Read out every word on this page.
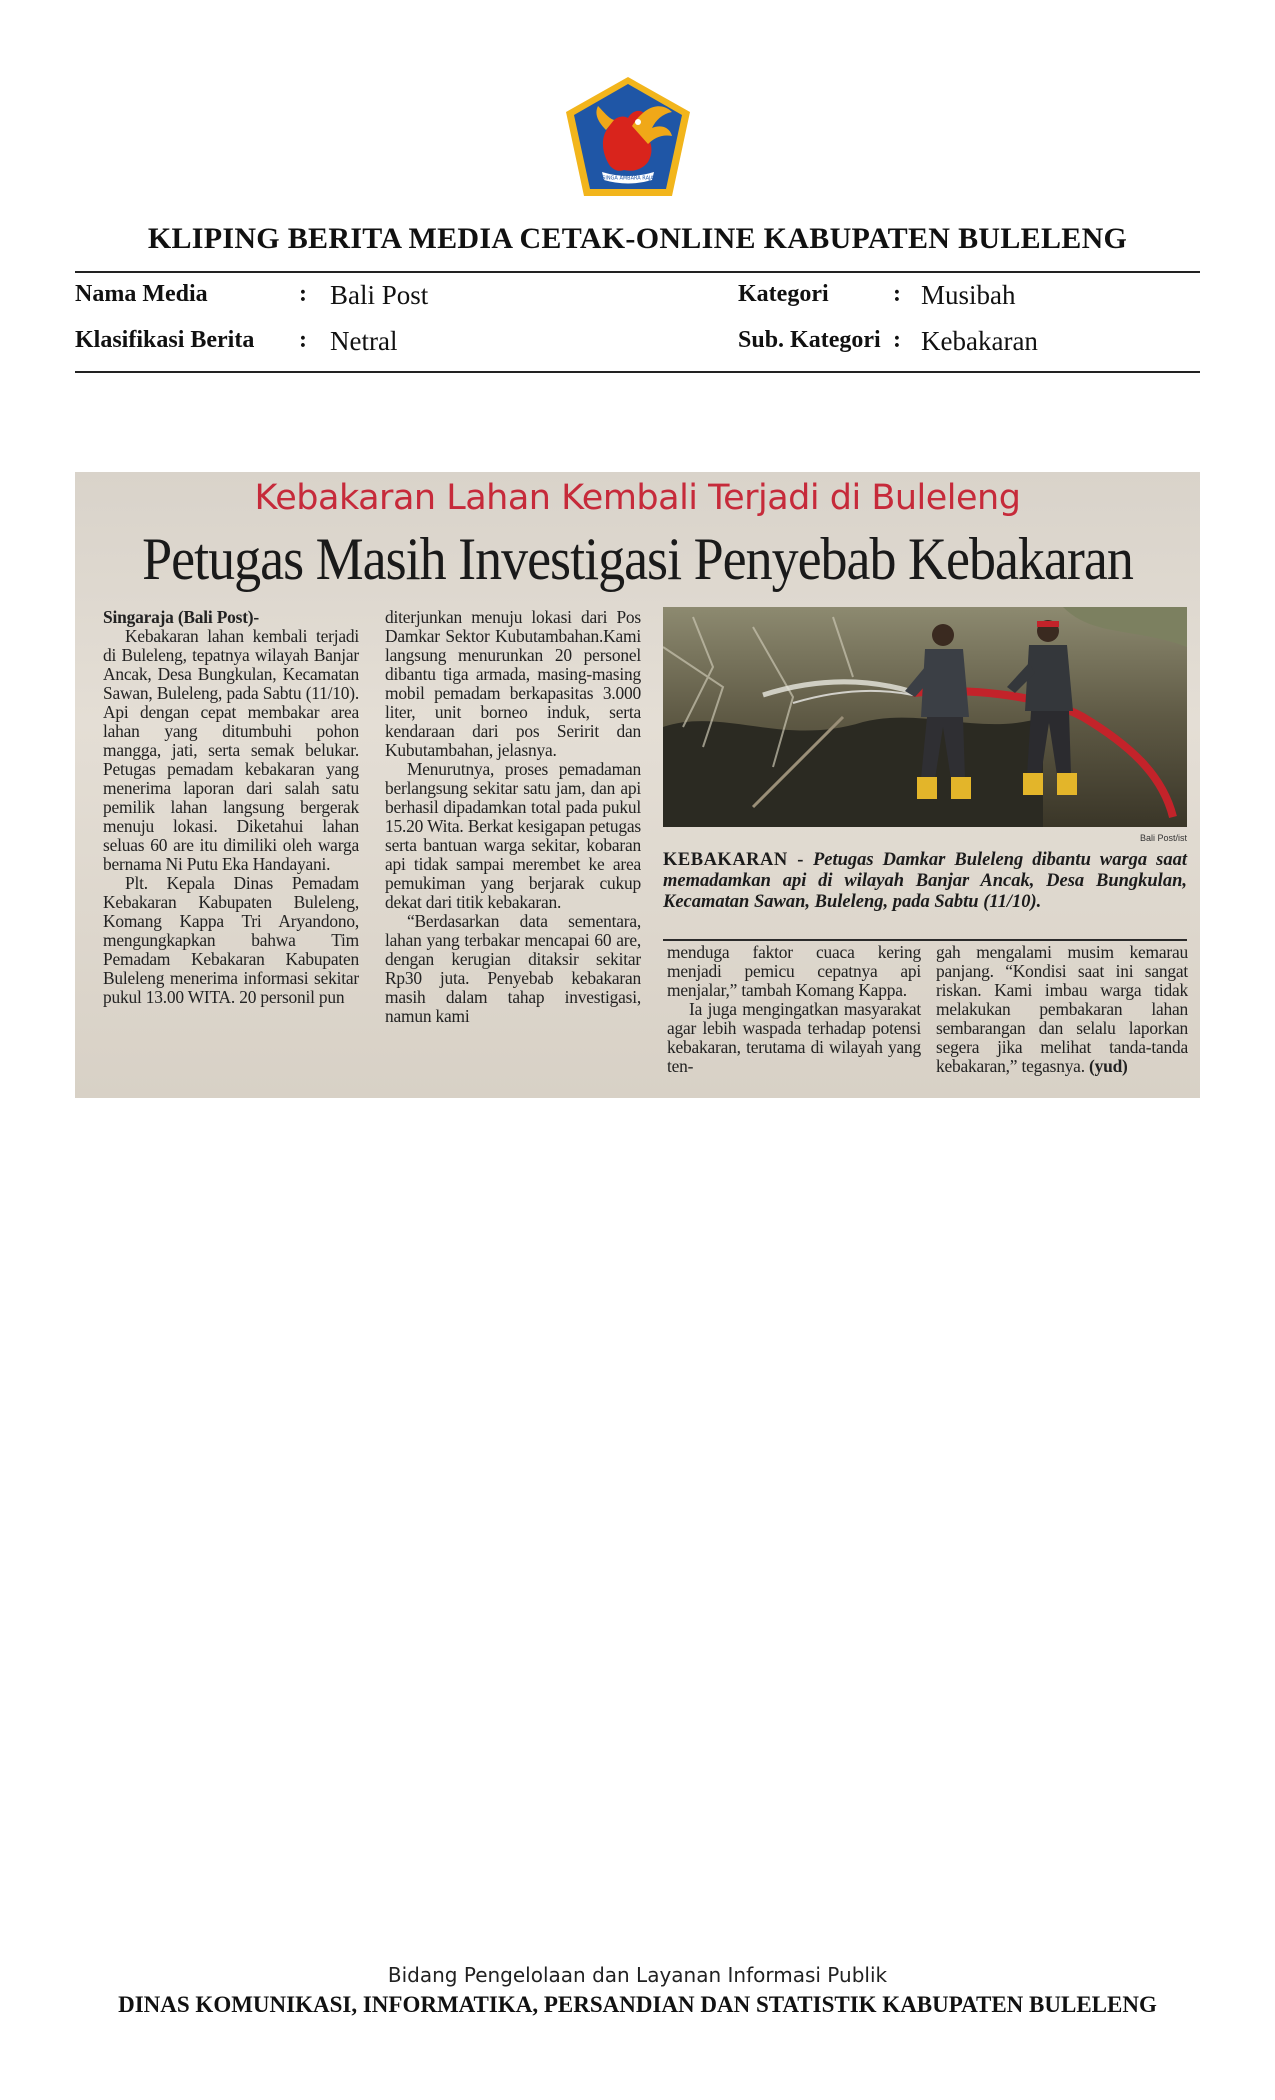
SINGA AMBARA RAJA
KLIPING BERITA MEDIA CETAK-ONLINE KABUPATEN BULELENG
Nama Media	: Bali Post	Kategori	: Musibah
Klasifikasi Berita : Netral	Sub. Kategori : Kebakaran
Kebakaran Lahan Kembali Terjadi di Buleleng
Petugas Masih Investigasi Penyebab Kebakaran
Singaraja (Bali Post)-

Kebakaran lahan kembali terjadi di Buleleng, tepatnya wilayah Banjar Ancak, Desa Bungkulan, Kecamatan Sawan, Buleleng, pada Sabtu (11/10). Api dengan cepat membakar area lahan yang ditumbuhi pohon mangga, jati, serta semak belukar. Petugas pemadam kebakaran yang menerima laporan dari salah satu pemilik lahan langsung bergerak menuju lokasi. Diketahui lahan seluas 60 are itu dimiliki oleh warga bernama Ni Putu Eka Handayani.

Plt. Kepala Dinas Pemadam Kebakaran Kabupaten Buleleng, Komang Kappa Tri Aryandono, mengungkapkan bahwa Tim Pemadam Kebakaran Kabupaten Buleleng menerima informasi sekitar pukul 13.00 WITA. 20 personil pun

diterjunkan menuju lokasi dari Pos Damkar Sektor Kubutambahan.Kami langsung menurunkan 20 personel dibantu tiga armada, masing-masing mobil pemadam berkapasitas 3.000 liter, unit borneo induk, serta kendaraan dari pos Seririt dan Kubutambahan, jelasnya.

Menurutnya, proses pemadaman berlangsung sekitar satu jam, dan api berhasil dipadamkan total pada pukul 15.20 Wita. Berkat kesigapan petugas serta bantuan warga sekitar, kobaran api tidak sampai merembet ke area pemukiman yang berjarak cukup dekat dari titik kebakaran.

“Berdasarkan data sementara, lahan yang terbakar mencapai 60 are, dengan kerugian ditaksir sekitar Rp30 juta. Penyebab kebakaran masih dalam tahap investigasi, namun kami

Bali Post/ist
KEBAKARAN - Petugas Damkar Buleleng dibantu warga saat memadamkan api di wilayah Banjar Ancak, Desa Bungkulan, Kecamatan Sawan, Buleleng, pada Sabtu (11/10).

menduga faktor cuaca kering menjadi pemicu cepatnya api menjalar,” tambah Komang Kappa.

Ia juga mengingatkan masyarakat agar lebih waspada terhadap potensi kebakaran, terutama di wilayah yang ten-

gah mengalami musim kemarau panjang. “Kondisi saat ini sangat riskan. Kami imbau warga tidak melakukan pembakaran lahan sembarangan dan selalu laporkan segera jika melihat tanda-tanda kebakaran,” tegasnya. (yud)

Bidang Pengelolaan dan Layanan Informasi Publik
DINAS KOMUNIKASI, INFORMATIKA, PERSANDIAN DAN STATISTIK KABUPATEN BULELENG
